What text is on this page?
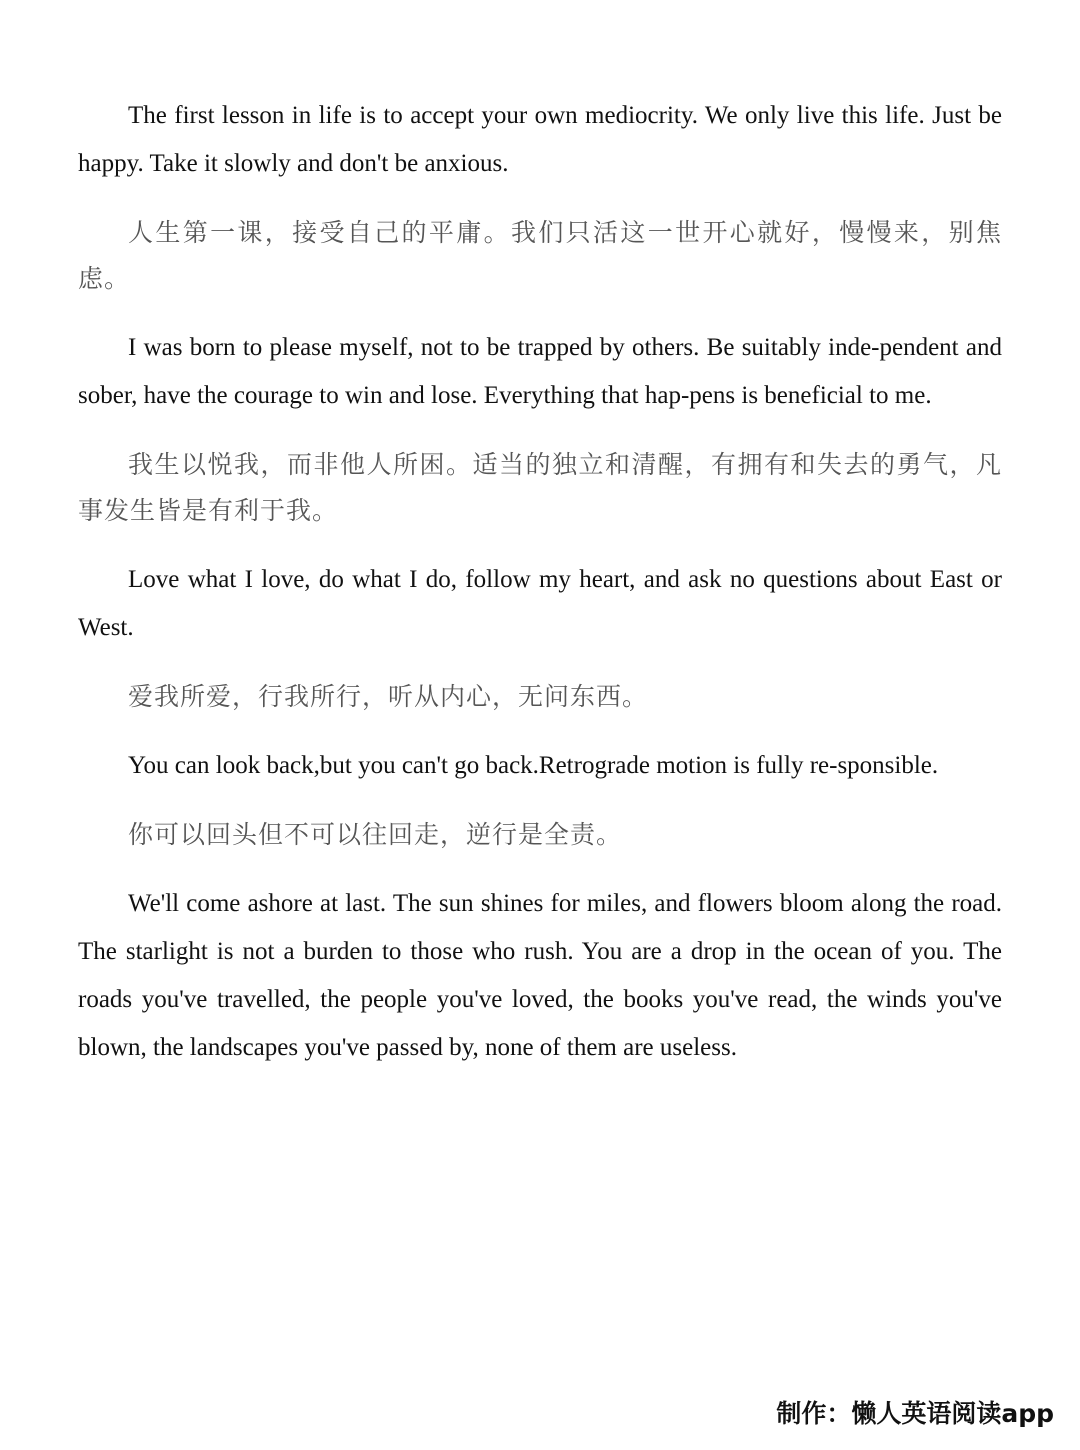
The first lesson in life is to accept your own mediocrity. We only live this life. Just be happy. Take it slowly and don't be anxious.

人生第一课，接受自己的平庸。我们只活这一世开心就好，慢慢来，别焦虑。

I was born to please myself, not to be trapped by others. Be suitably inde-pendent and sober, have the courage to win and lose. Everything that hap-pens is beneficial to me.

我生以悦我，而非他人所困。适当的独立和清醒，有拥有和失去的勇气，凡事发生皆是有利于我。

Love what I love, do what I do, follow my heart, and ask no questions about East or West.

爱我所爱，行我所行，听从内心，无问东西。

You can look back,but you can't go back.Retrograde motion is fully re-sponsible.

你可以回头但不可以往回走，逆行是全责。

We'll come ashore at last. The sun shines for miles, and flowers bloom along the road. The starlight is not a burden to those who rush. You are a drop in the ocean of you. The roads you've travelled, the people you've loved, the books you've read, the winds you've blown, the landscapes you've passed by, none of them are useless.

制作：懒人英语阅读app
